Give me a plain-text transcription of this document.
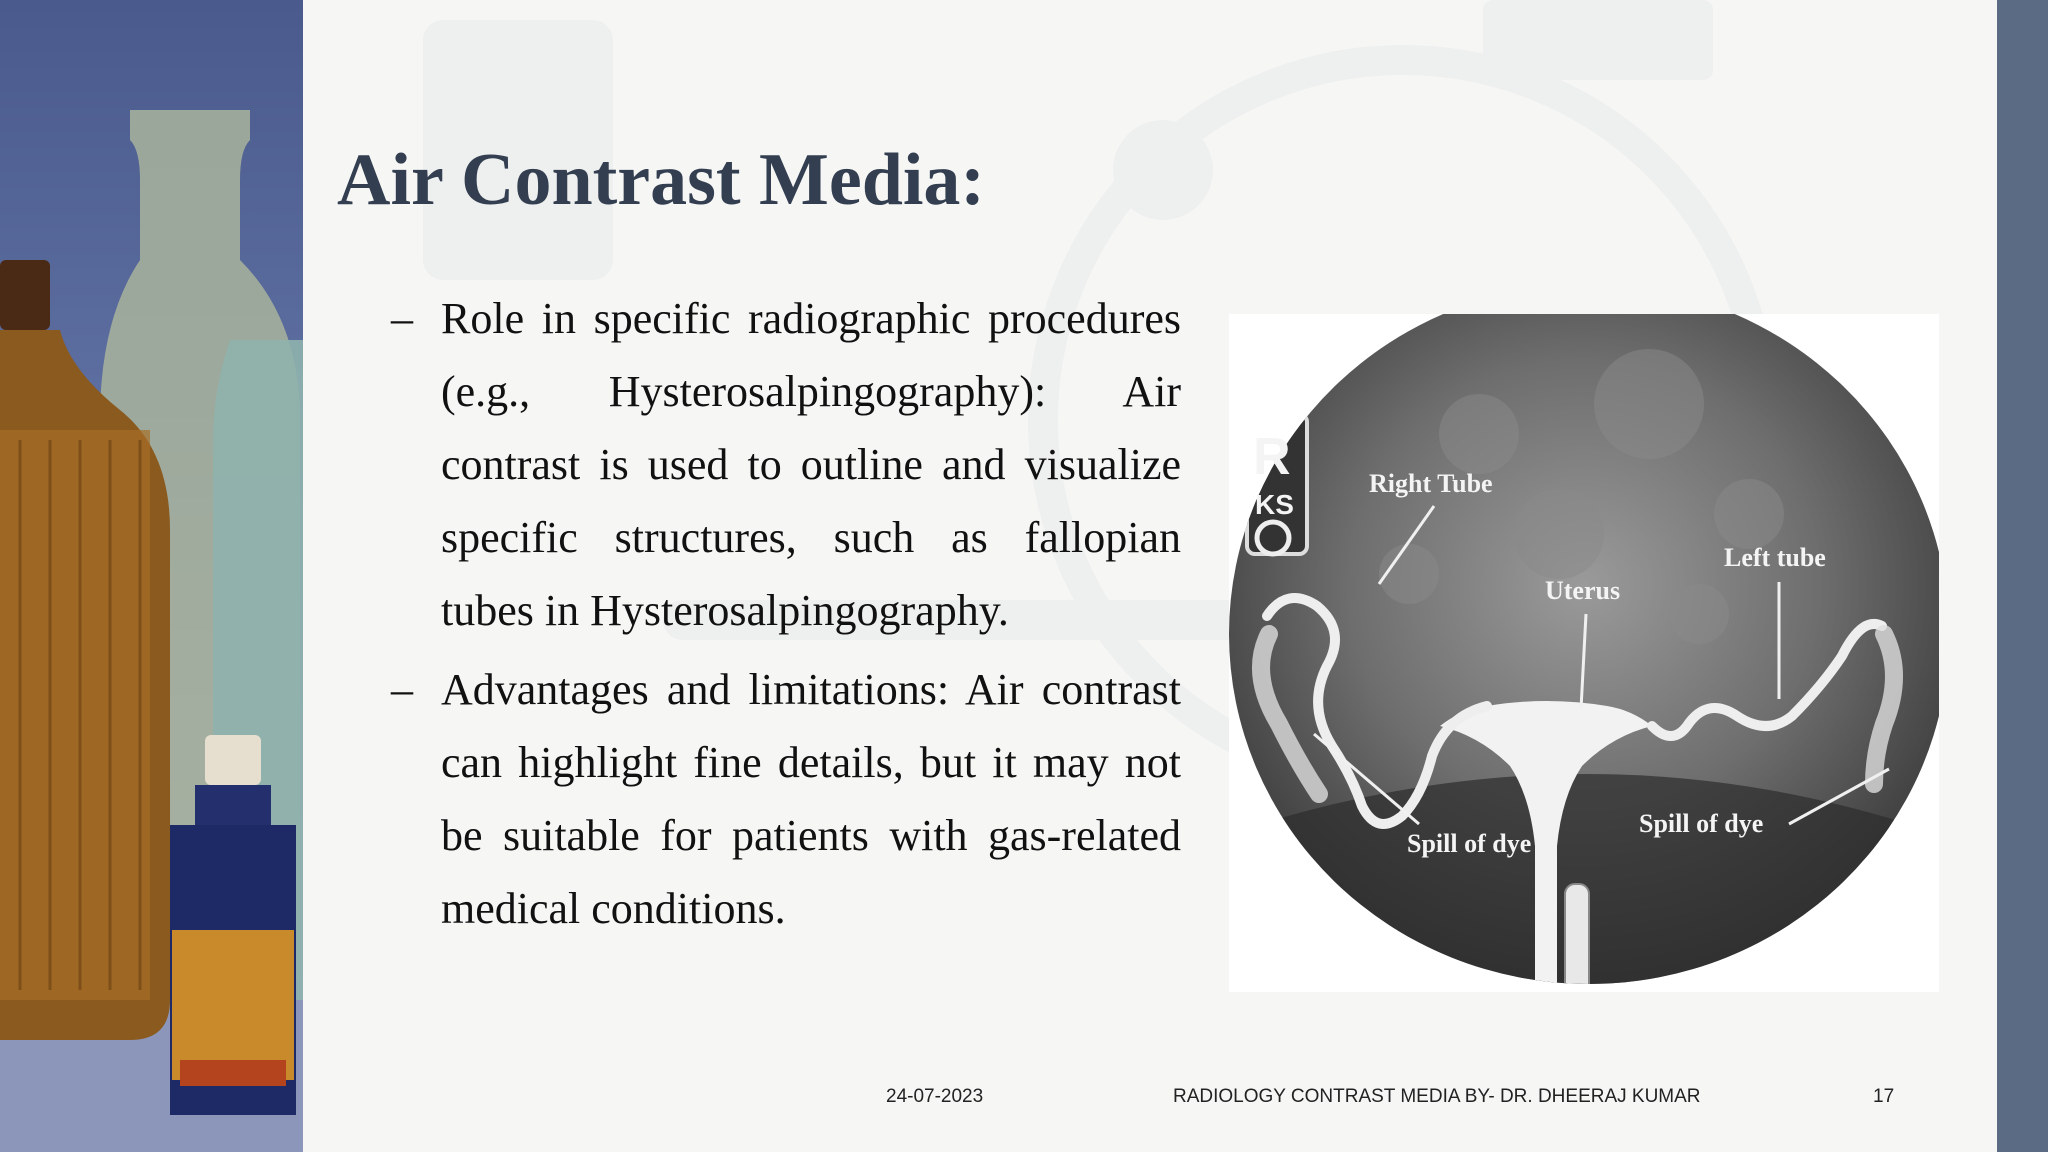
Air Contrast Media:
– Role in specific radiographic procedures (e.g., Hysterosalpingography): Air contrast is used to outline and visualize specific structures, such as fallopian tubes in Hysterosalpingography.
– Advantages and limitations: Air contrast can highlight fine details, but it may not be suitable for patients with gas-related medical conditions.
Right Tube
Uterus
Left tube
Spill of dye
Spill of dye
R
KS
24-07-2023	RADIOLOGY CONTRAST MEDIA BY- DR. DHEERAJ KUMAR	17
